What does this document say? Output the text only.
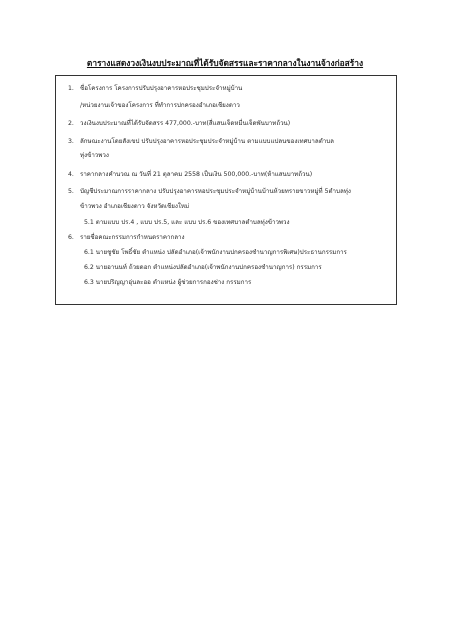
ตารางแสดงวงเงินงบประมาณที่ได้รับจัดสรรและราคากลางในงานจ้างก่อสร้าง
1. ชื่อโครงการ โครงการปรับปรุงอาคารหอประชุมประจำหมู่บ้าน
/หน่วยงานเจ้าของโครงการ ที่ทำการปกครองอำเภอเชียงดาว
2. วงเงินงบประมาณที่ได้รับจัดสรร 477,000.-บาท(สี่แสนเจ็ดหมื่นเจ็ดพันบาทถ้วน)
3. ลักษณะงานโดยสังเขป ปรับปรุงอาคารหอประชุมประจำหมู่บ้าน ตามแบบแปลนของเทศบาลตำบล
ทุ่งข้าวพวง
4. ราคากลางคำนวณ ณ วันที่ 21 ตุลาคม 2558 เป็นเงิน 500,000.-บาท(ห้าแสนบาทถ้วน)
5. บัญชีประมาณการราคากลาง ปรับปรุงอาคารหอประชุมประจำหมู่บ้านบ้านห้วยทรายขาวหมู่ที่ 5ตำบลทุ่ง
ข้าวพวง อำเภอเชียงดาว จังหวัดเชียงใหม่
5.1 ตามแบบ ปร.4 , แบบ ปร.5, และ แบบ ปร.6 ของเทศบาลตำบลทุ่งข้าวพวง
6. รายชื่อคณะกรรมการกำหนดราคากลาง
6.1 นายชูชัย โพธิ์ชัย ตำแหน่ง ปลัดอำเภอ(เจ้าพนักงานปกครองชำนาญการพิเศษ)ประธานกรรมการ
6.2 นายอานนท์ ถ้วยดอก ตำแหน่งปลัดอำเภอ(เจ้าพนักงานปกครองชำนาญการ) กรรมการ
6.3 นายปริญญา​อุ่นละออ ตำแหน่ง ผู้ช่วยการกองช่าง กรรมการ
